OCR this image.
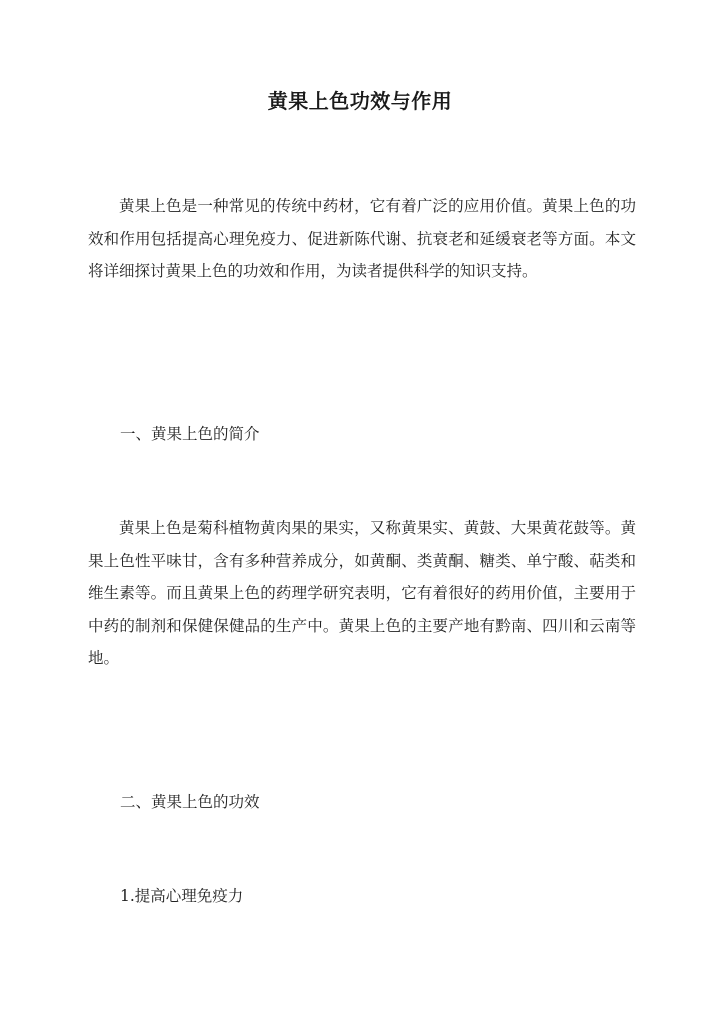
黄果上色功效与作用

黄果上色是一种常见的传统中药材，它有着广泛的应用价值。黄果上色的功效和作用包括提高心理免疫力、促进新陈代谢、抗衰老和延缓衰老等方面。本文将详细探讨黄果上色的功效和作用，为读者提供科学的知识支持。

一、黄果上色的简介

黄果上色是菊科植物黄肉果的果实，又称黄果实、黄鼓、大果黄花鼓等。黄果上色性平味甘，含有多种营养成分，如黄酮、类黄酮、糖类、单宁酸、萜类和维生素等。而且黄果上色的药理学研究表明，它有着很好的药用价值，主要用于中药的制剂和保健保健品的生产中。黄果上色的主要产地有黔南、四川和云南等地。

二、黄果上色的功效
1.提高心理免疫力
